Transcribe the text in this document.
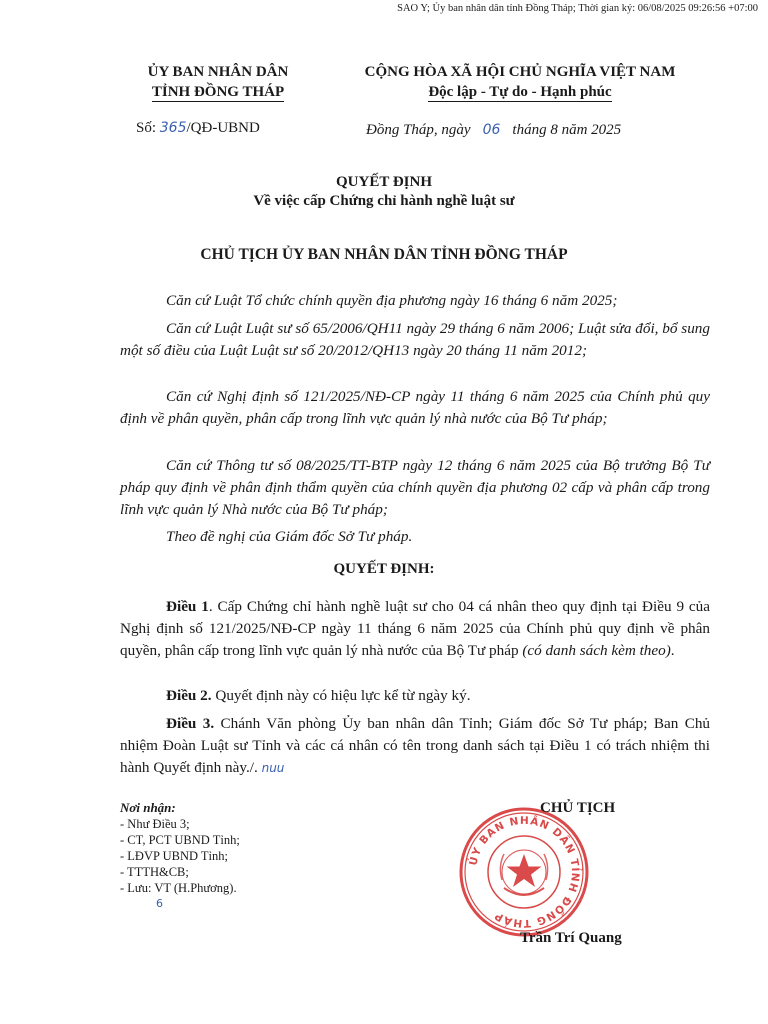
SAO Y; Ủy ban nhân dân tỉnh Đồng Tháp; Thời gian ký: 06/08/2025 09:26:56 +07:00
ỦY BAN NHÂN DÂN
TỈNH ĐỒNG THÁP
CỘNG HÒA XÃ HỘI CHỦ NGHĨA VIỆT NAM
Độc lập - Tự do - Hạnh phúc
Số: 365/QĐ-UBND	Đồng Tháp, ngày 06 tháng 8 năm 2025
QUYẾT ĐỊNH
Về việc cấp Chứng chỉ hành nghề luật sư
CHỦ TỊCH ỦY BAN NHÂN DÂN TỈNH ĐỒNG THÁP
Căn cứ Luật Tổ chức chính quyền địa phương ngày 16 tháng 6 năm 2025;
Căn cứ Luật Luật sư số 65/2006/QH11 ngày 29 tháng 6 năm 2006; Luật sửa đổi, bổ sung một số điều của Luật Luật sư số 20/2012/QH13 ngày 20 tháng 11 năm 2012;
Căn cứ Nghị định số 121/2025/NĐ-CP ngày 11 tháng 6 năm 2025 của Chính phủ quy định về phân quyền, phân cấp trong lĩnh vực quản lý nhà nước của Bộ Tư pháp;
Căn cứ Thông tư số 08/2025/TT-BTP ngày 12 tháng 6 năm 2025 của Bộ trưởng Bộ Tư pháp quy định về phân định thẩm quyền của chính quyền địa phương 02 cấp và phân cấp trong lĩnh vực quản lý Nhà nước của Bộ Tư pháp;
Theo đề nghị của Giám đốc Sở Tư pháp.
QUYẾT ĐỊNH:
Điều 1. Cấp Chứng chỉ hành nghề luật sư cho 04 cá nhân theo quy định tại Điều 9 của Nghị định số 121/2025/NĐ-CP ngày 11 tháng 6 năm 2025 của Chính phủ quy định về phân quyền, phân cấp trong lĩnh vực quản lý nhà nước của Bộ Tư pháp (có danh sách kèm theo).
Điều 2. Quyết định này có hiệu lực kể từ ngày ký.
Điều 3. Chánh Văn phòng Ủy ban nhân dân Tỉnh; Giám đốc Sở Tư pháp; Ban Chủ nhiệm Đoàn Luật sư Tỉnh và các cá nhân có tên trong danh sách tại Điều 1 có trách nhiệm thi hành Quyết định này./. nuu
Nơi nhận:
- Như Điều 3;
- CT, PCT UBND Tỉnh;
- LĐVP UBND Tỉnh;
- TTTH&CB;
- Lưu: VT (H.Phương).
6
ỦY BAN NHÂN DÂN TỈNH ĐỒNG THÁP
CHỦ TỊCH
Trần Trí Quang
